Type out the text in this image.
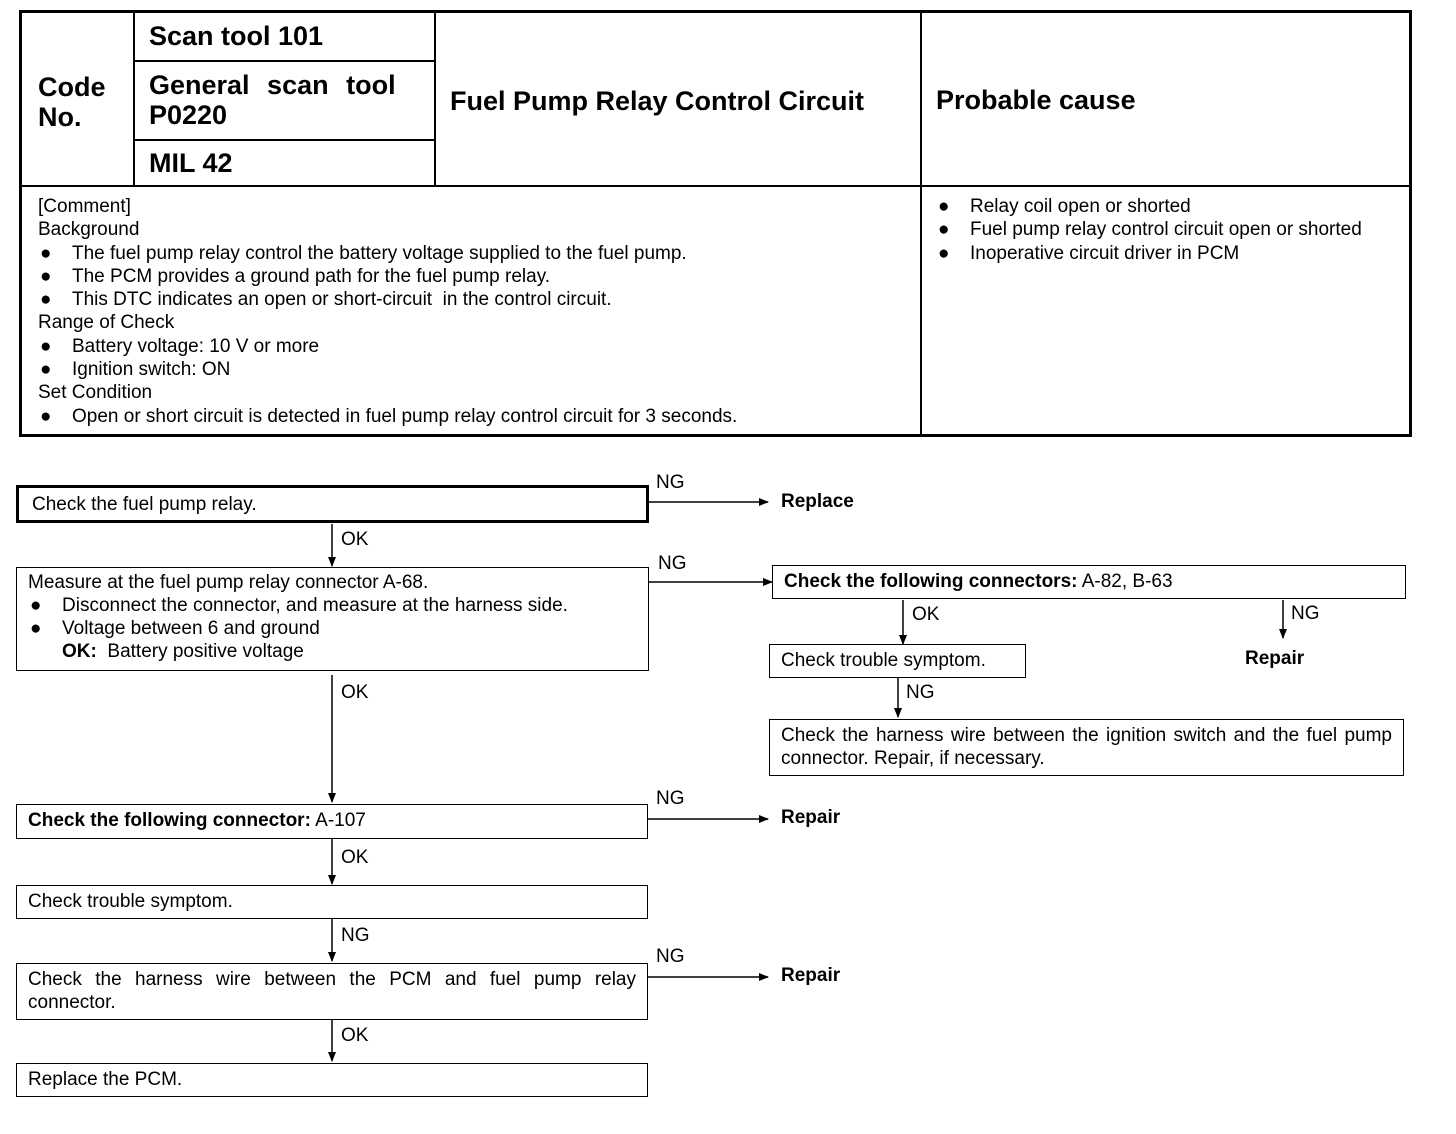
Code No.
Scan tool 101
General scan tool
P0220
MIL 42
Fuel Pump Relay Control Circuit	Probable cause
[Comment]
Background
● The fuel pump relay control the battery voltage supplied to the fuel pump.
● The PCM provides a ground path for the fuel pump relay.
● This DTC indicates an open or short-circuit  in the control circuit.
Range of Check
● Battery voltage: 10 V or more
● Ignition switch: ON
Set Condition
● Open or short circuit is detected in fuel pump relay control circuit for 3 seconds.
● Relay coil open or shorted
● Fuel pump relay control circuit open or shorted
● Inoperative circuit driver in PCM
Check the fuel pump relay.
Measure at the fuel pump relay connector A-68.
● Disconnect the connector, and measure at the harness side.
● Voltage between 6 and ground
OK: Battery positive voltage
Check the following connectors: A-82, B-63
Check trouble symptom.
Check the harness wire between the ignition switch and the fuel pump connector. Repair, if necessary.
Check the following connector: A-107
Check trouble symptom.
Check the harness wire between the PCM and fuel pump relay connector.
Replace the PCM.
Replace
Repair
Repair
Repair
NG
OK
NG
OK	NG
NG
OK
NG
OK
NG
NG
OK
